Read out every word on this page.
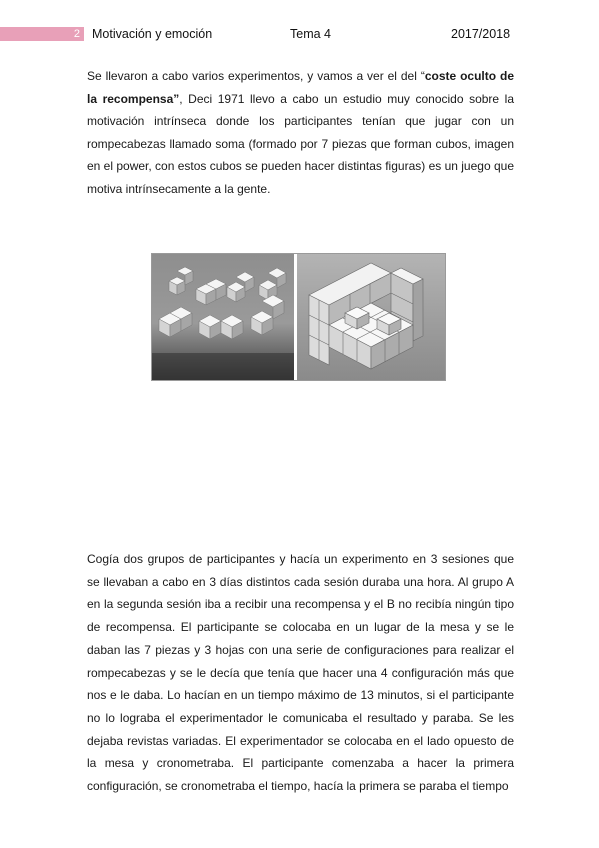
2 Motivación y emoción	Tema 4	2017/2018

Se llevaron a cabo varios experimentos, y vamos a ver el del “coste oculto de la recompensa”, Deci 1971 llevo a cabo un estudio muy conocido sobre la motivación intrínseca donde los participantes tenían que jugar con un rompecabezas llamado soma (formado por 7 piezas que forman cubos, imagen en el power, con estos cubos se pueden hacer distintas figuras) es un juego que motiva intrínsecamente a la gente.

Cogía dos grupos de participantes y hacía un experimento en 3 sesiones que se llevaban a cabo en 3 días distintos cada sesión duraba una hora. Al grupo A en la segunda sesión iba a recibir una recompensa y el B no recibía ningún tipo de recompensa. El participante se colocaba en un lugar de la mesa y se le daban las 7 piezas y 3 hojas con una serie de configuraciones para realizar el rompecabezas y se le decía que tenía que hacer una 4 configuración más que nos e le daba. Lo hacían en un tiempo máximo de 13 minutos, si el participante no lo lograba el experimentador le comunicaba el resultado y paraba. Se les dejaba revistas variadas. El experimentador se colocaba en el lado opuesto de la mesa y cronometraba. El participante comenzaba a hacer la primera configuración, se cronometraba el tiempo, hacía la primera se paraba el tiempo
